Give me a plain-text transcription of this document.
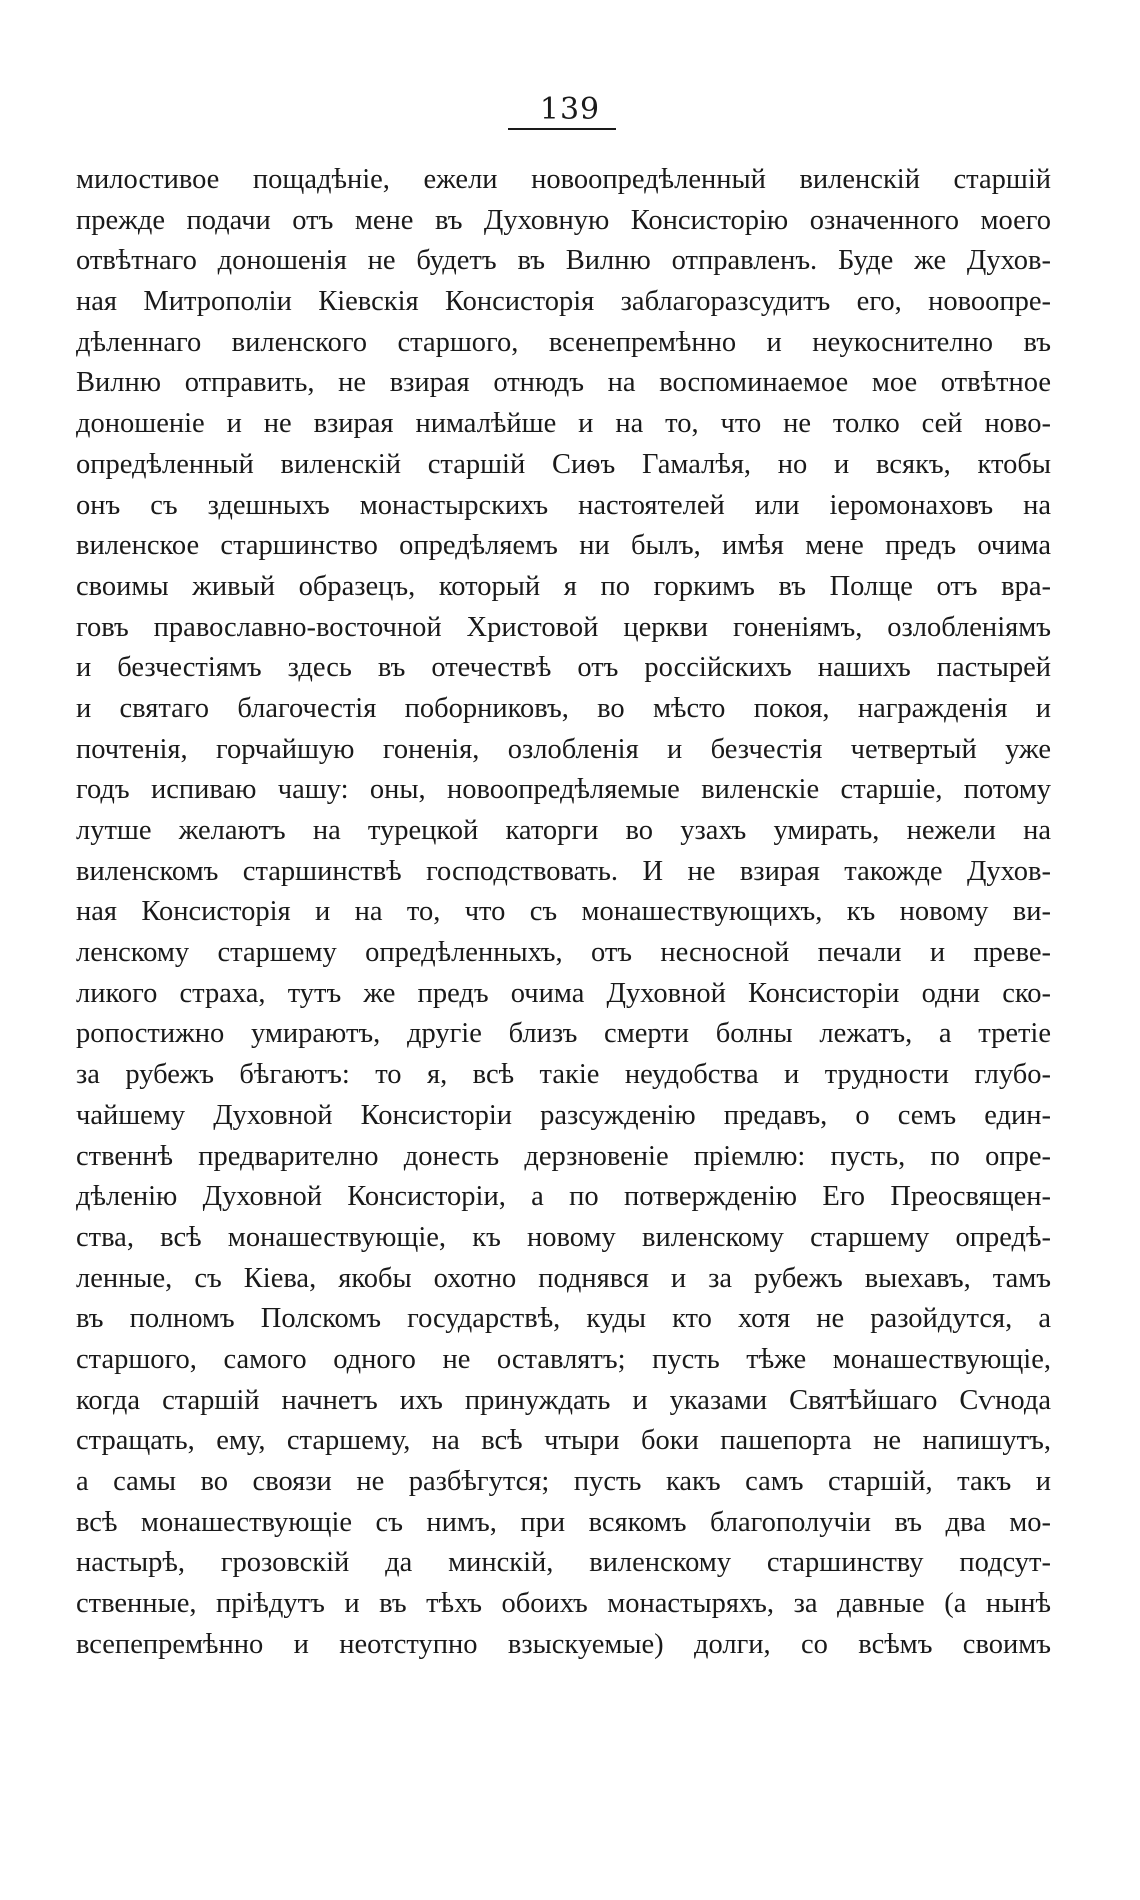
139
милостивое пощадѣніе, ежели новоопредѣленный виленскій старшій
прежде подачи отъ мене въ Духовную Консисторію означенного моего
отвѣтнаго доношенія не будетъ въ Вилню отправленъ. Буде же Духов-
ная Митрополіи Кіевскія Консисторія заблагоразсудитъ его, новоопре-
дѣленнаго виленского старшого, всенепремѣнно и неукоснително въ
Вилню отправить, не взирая отнюдъ на воспоминаемое мое отвѣтное
доношеніе и не взирая нималѣйше и на то, что не толко сей ново-
опредѣленный виленскій старшій Сиѳъ Гамалѣя, но и всякъ, ктобы
онъ съ здешныхъ монастырскихъ настоятелей или іеромонаховъ на
виленское старшинство опредѣляемъ ни былъ, имѣя мене предъ очима
своимы живый образецъ, который я по горкимъ въ Полще отъ вра-
говъ православно-восточной Христовой церкви гоненіямъ, озлобленіямъ
и безчестіямъ здесь въ отечествѣ отъ россійскихъ нашихъ пастырей
и святаго благочестія поборниковъ, во мѣсто покоя, награжденія и
почтенія, горчайшую гоненія, озлобленія и безчестія четвертый уже
годъ испиваю чашу: оны, новоопредѣляемые виленскіе старшіе, потому
лутше желаютъ на турецкой каторги во узахъ умирать, нежели на
виленскомъ старшинствѣ господствовать. И не взирая такожде Духов-
ная Консисторія и на то, что съ монашествующихъ, къ новому ви-
ленскому старшему опредѣленныхъ, отъ несносной печали и преве-
ликого страха, тутъ же предъ очима Духовной Консисторіи одни ско-
ропостижно умираютъ, другіе близъ смерти болны лежатъ, а третіе
за рубежъ бѣгаютъ: то я, всѣ такіе неудобства и трудности глубо-
чайшему Духовной Консисторіи разсужденію предавъ, о семъ един-
ственнѣ предварително донесть дерзновеніе пріемлю: пусть, по опре-
дѣленію Духовной Консисторіи, а по потвержденію Его Преосвящен-
ства, всѣ монашествующіе, къ новому виленскому старшему опредѣ-
ленные, съ Кіева, якобы охотно поднявся и за рубежъ выехавъ, тамъ
въ полномъ Полскомъ государствѣ, куды кто хотя не разойдутся, а
старшого, самого одного не оставлятъ; пусть тѣже монашествующіе,
когда старшій начнетъ ихъ принуждать и указами Святѣйшаго Сѵнода
стращать, ему, старшему, на всѣ чтыри боки пашепорта не напишутъ,
а самы во своязи не разбѣгутся; пусть какъ самъ старшій, такъ и
всѣ монашествующіе съ нимъ, при всякомъ благополучіи въ два мо-
настырѣ, грозовскій да минскій, виленскому старшинству подсут-
ственные, пріѣдутъ и въ тѣхъ обоихъ монастыряхъ, за давные (а нынѣ
всепепремѣнно и неотступно взыскуемые) долги, со всѣмъ своимъ
